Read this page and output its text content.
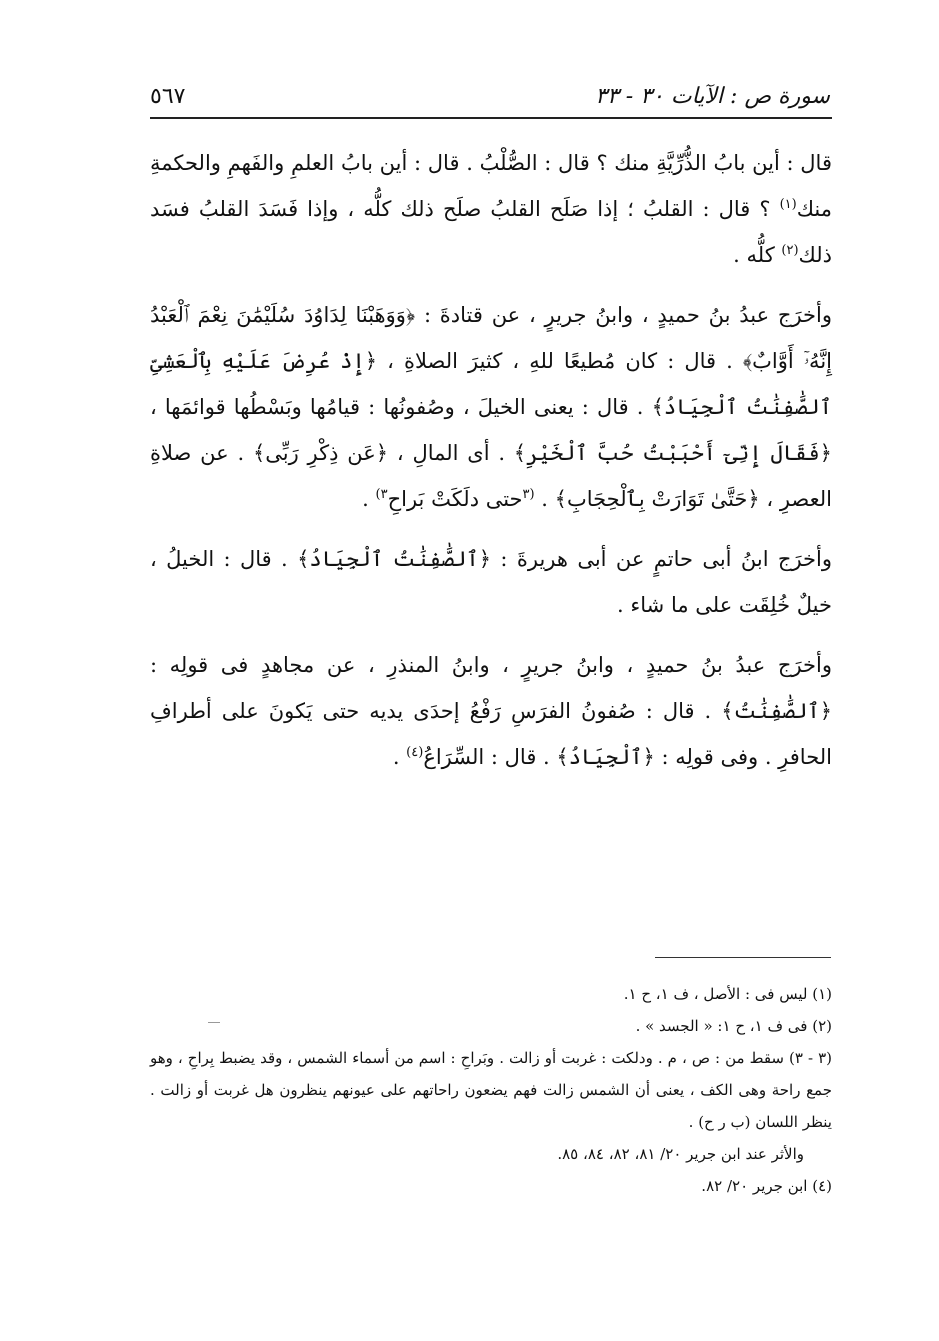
سورة ص : الآيات ٣٠ - ٣٣
٥٦٧

قال : أين بابُ الذُّرِّيَّةِ منك ؟ قال : الصُّلْبُ . قال : أين بابُ العلمِ والفَهمِ والحكمةِ منك$^{(١)}$ ؟ قال : القلبُ ؛ إذا صَلَح القلبُ صلَح ذلك كلُّه ، وإذا فَسَدَ القلبُ فسَد ذلك$^{(٢)}$ كلُّه .

وأخرَج عبدُ بنُ حميدٍ ، وابنُ جريرٍ ، عن قتادةَ : ﴿وَوَهَبْنَا لِدَاوُدَ سُلَيْمَٰنَ نِعْمَ ٱلْعَبْدُ إِنَّهُۥٓ أَوَّابٌ﴾ . قال : كان مُطيعًا للهِ ، كثيرَ الصلاةِ ، ﴿إِذْ عُرِضَ عَلَيْهِ بِٱلْعَشِىِّ ٱلصَّٰفِنَٰتُ ٱلْجِيَادُ﴾ . قال : يعنى الخيلَ ، وصُفونُها : قيامُها وبَسْطُها قوائمَها ، ﴿فَقَالَ إِنِّىٓ أَحْبَبْتُ حُبَّ ٱلْخَيْرِ﴾ . أى المالِ ، ﴿عَن ذِكْرِ رَبِّى﴾ . عن صلاةِ العصرِ ، ﴿حَتَّىٰ تَوَارَتْ بِٱلْحِجَابِ﴾ . $^{(٣}$حتى دلَكَتْ بَراحِ$^{٣)}$ .

وأخرَج ابنُ أبى حاتمٍ عن أبى هريرةَ : ﴿ٱلصَّٰفِنَٰتُ ٱلْجِيَادُ﴾ . قال : الخيلُ ، خيلٌ خُلِقَت على ما شاء .

وأخرَج عبدُ بنُ حميدٍ ، وابنُ جريرٍ ، وابنُ المنذرِ ، عن مجاهدٍ فى قولِه : ﴿ٱلصَّٰفِنَٰتُ﴾ . قال : صُفونُ الفرَسِ رَفْعُ إحدَى يديه حتى يَكونَ على أطرافِ الحافرِ . وفى قولِه : ﴿ٱلْجِيَادُ﴾ . قال : السِّرَاعُ$^{(٤)}$ .

(١) ليس فى : الأصل ، ف ١، ح ١.

(٢) فى ف ١، ح ١: « الجسد » .

(٣ - ٣) سقط من : ص ، م . ودلكت : غربت أو زالت . وبَراحِ : اسم من أسماء الشمس ، وقد يضبط بِراحِ ، وهو جمع راحة وهى الكف ، يعنى أن الشمس زالت فهم يضعون راحاتهم على عيونهم ينظرون هل غربت أو زالت . ينظر اللسان (ب ر ح) .

والأثر عند ابن جرير ٢٠/ ٨١، ٨٢، ٨٤، ٨٥.

(٤) ابن جرير ٢٠/ ٨٢.
